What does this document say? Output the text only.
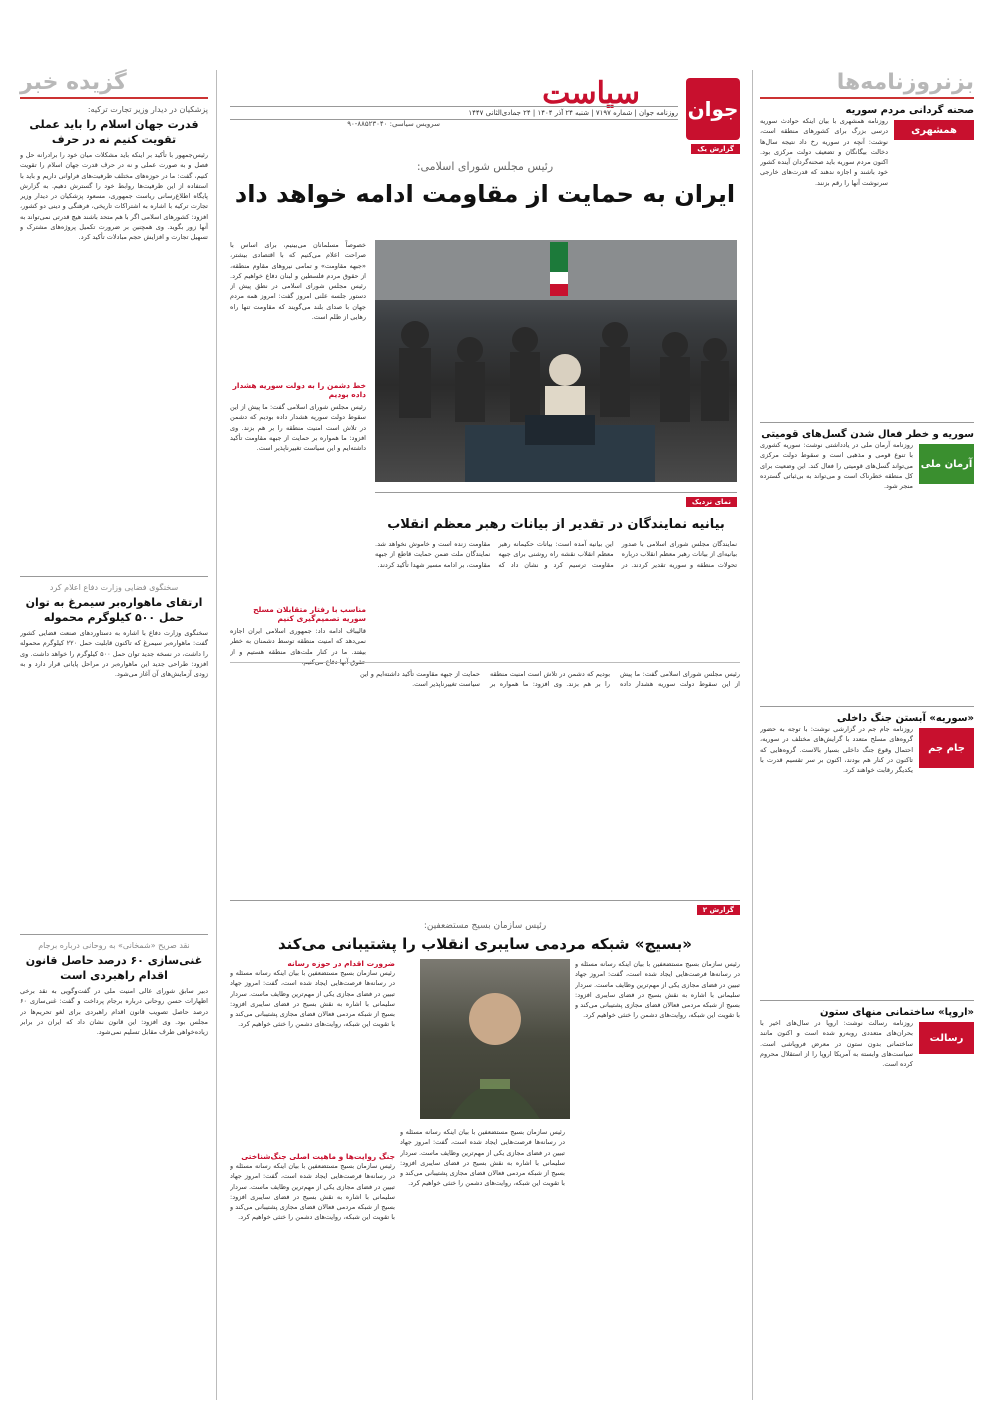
گزیده خبر
پزشکیان در دیدار وزیر تجارت ترکیه:
قدرت جهان اسلام را باید عملی تقویت کنیم نه در حرف
رئیس‌جمهور با تأکید بر اینکه باید مشکلات میان خود را برادرانه حل و فصل و به صورت عملی و نه در حرف قدرت جهان اسلام را تقویت کنیم، گفت: ما در حوزه‌های مختلف ظرفیت‌های فراوانی داریم و باید با استفاده از این ظرفیت‌ها روابط خود را گسترش دهیم. به گزارش پایگاه اطلاع‌رسانی ریاست جمهوری، مسعود پزشکیان در دیدار وزیر تجارت ترکیه با اشاره به اشتراکات تاریخی، فرهنگی و دینی دو کشور، افزود: کشورهای اسلامی اگر با هم متحد باشند هیچ قدرتی نمی‌تواند به آنها زور بگوید. وی همچنین بر ضرورت تکمیل پروژه‌های مشترک و تسهیل تجارت و افزایش حجم مبادلات تأکید کرد.
سخنگوی فضایی وزارت دفاع اعلام کرد
ارتقای ماهواره‌بر سیمرغ به توان حمل ۵۰۰ کیلوگرم محموله
سخنگوی وزارت دفاع با اشاره به دستاوردهای صنعت فضایی کشور گفت: ماهواره‌بر سیمرغ که تاکنون قابلیت حمل ۲۲۰ کیلوگرم محموله را داشت، در نسخه جدید توان حمل ۵۰۰ کیلوگرم را خواهد داشت. وی افزود: طراحی جدید این ماهواره‌بر در مراحل پایانی قرار دارد و به زودی آزمایش‌های آن آغاز می‌شود.
نقد صریح «شمخانی» به روحانی درباره برجام
غنی‌سازی ۶۰ درصد حاصل قانون اقدام راهبردی است
دبیر سابق شورای عالی امنیت ملی در گفت‌وگویی به نقد برخی اظهارات حسن روحانی درباره برجام پرداخت و گفت: غنی‌سازی ۶۰ درصد حاصل تصویب قانون اقدام راهبردی برای لغو تحریم‌ها در مجلس بود. وی افزود: این قانون نشان داد که ایران در برابر زیاده‌خواهی طرف مقابل تسلیم نمی‌شود.
جوان
سیاست
سرویس سیاسی: ۸۸۵۲۳۰۴۰-۹۰
روزنامه جوان | شماره ۷۱۹۷ | شنبه ۲۴ آذر ۱۴۰۴ | ۲۴ جمادی‌الثانی ۱۴۴۷
گزارش یک
رئیس مجلس شورای اسلامی:
ایران به حمایت از مقاومت ادامه خواهد داد
خصوصاً مسلمانان می‌بینیم، برای اساس با صراحت اعلام می‌کنیم که با اقتصادی بیشتر، «جبهه مقاومت» و تمامی نیروهای مقاوم منطقه، از حقوق مردم فلسطین و لبنان دفاع خواهیم کرد. رئیس مجلس شورای اسلامی در نطق پیش از دستور جلسه علنی امروز گفت: امروز همه مردم جهان با صدای بلند می‌گویند که مقاومت تنها راه رهایی از ظلم است.
خط دشمن را به دولت سوریه هشدار داده بودیم
رئیس مجلس شورای اسلامی گفت: ما پیش از این سقوط دولت سوریه هشدار داده بودیم که دشمن در تلاش است امنیت منطقه را بر هم بزند. وی افزود: ما همواره بر حمایت از جبهه مقاومت تأکید داشته‌ایم و این سیاست تغییرناپذیر است.
مناسب با رفتار متقابلان مسلح سوریه تصمیم‌گیری کنیم
قالیباف ادامه داد: جمهوری اسلامی ایران اجازه نمی‌دهد که امنیت منطقه توسط دشمنان به خطر بیفتد. ما در کنار ملت‌های منطقه هستیم و از حقوق آنها دفاع می‌کنیم.
نمای نزدیک
بیانیه نمایندگان در تقدیر از بیانات رهبر معظم انقلاب
نمایندگان مجلس شورای اسلامی با صدور بیانیه‌ای از بیانات رهبر معظم انقلاب درباره تحولات منطقه و سوریه تقدیر کردند. در این بیانیه آمده است: بیانات حکیمانه رهبر معظم انقلاب نقشه راه روشنی برای جبهه مقاومت ترسیم کرد و نشان داد که مقاومت زنده است و خاموش نخواهد شد. نمایندگان ملت ضمن حمایت قاطع از جبهه مقاومت، بر ادامه مسیر شهدا تأکید کردند.
رئیس مجلس شورای اسلامی گفت: ما پیش از این سقوط دولت سوریه هشدار داده بودیم که دشمن در تلاش است امنیت منطقه را بر هم بزند. وی افزود: ما همواره بر حمایت از جبهه مقاومت تأکید داشته‌ایم و این سیاست تغییرناپذیر است.
گزارش ۲
رئیس سازمان بسیج مستضعفین:
«بسیج» شبکه مردمی سایبری انقلاب را پشتیبانی می‌کند
رئیس سازمان بسیج مستضعفین با بیان اینکه رسانه مسئله و در رسانه‌ها فرصت‌هایی ایجاد شده است، گفت: امروز جهاد تبیین در فضای مجازی یکی از مهم‌ترین وظایف ماست. سردار سلیمانی با اشاره به نقش بسیج در فضای سایبری افزود: بسیج از شبکه مردمی فعالان فضای مجازی پشتیبانی می‌کند و با تقویت این شبکه، روایت‌های دشمن را خنثی خواهیم کرد.
رئیس سازمان بسیج مستضعفین با بیان اینکه رسانه مسئله و در رسانه‌ها فرصت‌هایی ایجاد شده است، گفت: امروز جهاد تبیین در فضای مجازی یکی از مهم‌ترین وظایف ماست. سردار سلیمانی با اشاره به نقش بسیج در فضای سایبری افزود: بسیج از شبکه مردمی فعالان فضای مجازی پشتیبانی می‌کند و با تقویت این شبکه، روایت‌های دشمن را خنثی خواهیم کرد.
ضرورت اقدام در حوزه رسانه
رئیس سازمان بسیج مستضعفین با بیان اینکه رسانه مسئله و در رسانه‌ها فرصت‌هایی ایجاد شده است، گفت: امروز جهاد تبیین در فضای مجازی یکی از مهم‌ترین وظایف ماست. سردار سلیمانی با اشاره به نقش بسیج در فضای سایبری افزود: بسیج از شبکه مردمی فعالان فضای مجازی پشتیبانی می‌کند و با تقویت این شبکه، روایت‌های دشمن را خنثی خواهیم کرد.
جنگ روایت‌ها و ماهیت اصلی جنگ‌شناختی
رئیس سازمان بسیج مستضعفین با بیان اینکه رسانه مسئله و در رسانه‌ها فرصت‌هایی ایجاد شده است، گفت: امروز جهاد تبیین در فضای مجازی یکی از مهم‌ترین وظایف ماست. سردار سلیمانی با اشاره به نقش بسیج در فضای سایبری افزود: بسیج از شبکه مردمی فعالان فضای مجازی پشتیبانی می‌کند و با تقویت این شبکه، روایت‌های دشمن را خنثی خواهیم کرد.
بزنروزنامه‌ها
صحنه گردانی مردم سوریه
همشهری
روزنامه همشهری با بیان اینکه حوادث سوریه درسی بزرگ برای کشورهای منطقه است، نوشت: آنچه در سوریه رخ داد نتیجه سال‌ها دخالت بیگانگان و تضعیف دولت مرکزی بود. اکنون مردم سوریه باید صحنه‌گردان آینده کشور خود باشند و اجازه ندهند که قدرت‌های خارجی سرنوشت آنها را رقم بزنند.
سوریه و خطر فعال شدن گسل‌های قومیتی
آرمان ملی
روزنامه آرمان ملی در یادداشتی نوشت: سوریه کشوری با تنوع قومی و مذهبی است و سقوط دولت مرکزی می‌تواند گسل‌های قومیتی را فعال کند. این وضعیت برای کل منطقه خطرناک است و می‌تواند به بی‌ثباتی گسترده منجر شود.
«سوریه» آبستن جنگ داخلی
جام جم
روزنامه جام جم در گزارشی نوشت: با توجه به حضور گروه‌های مسلح متعدد با گرایش‌های مختلف در سوریه، احتمال وقوع جنگ داخلی بسیار بالاست. گروه‌هایی که تاکنون در کنار هم بودند، اکنون بر سر تقسیم قدرت با یکدیگر رقابت خواهند کرد.
«اروپا» ساختمانی منهای ستون
رسالت
روزنامه رسالت نوشت: اروپا در سال‌های اخیر با بحران‌های متعددی روبه‌رو شده است و اکنون مانند ساختمانی بدون ستون در معرض فروپاشی است. سیاست‌های وابسته به آمریکا اروپا را از استقلال محروم کرده است.
